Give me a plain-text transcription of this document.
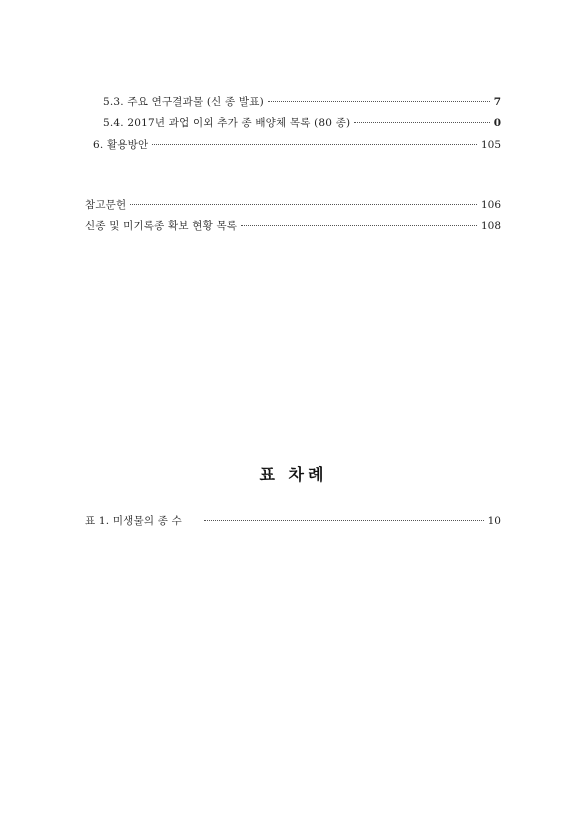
5.3. 주요 연구결과물 (신 종 발표)	7
5.4. 2017년 과업 이외 추가 종 배양체 목록 (80 종)	0
6. 활용방안	105
참고문헌	106
신종 및 미기록종 확보 현황 목록	108
표 차례
표 1. 미생물의 종 수	10
